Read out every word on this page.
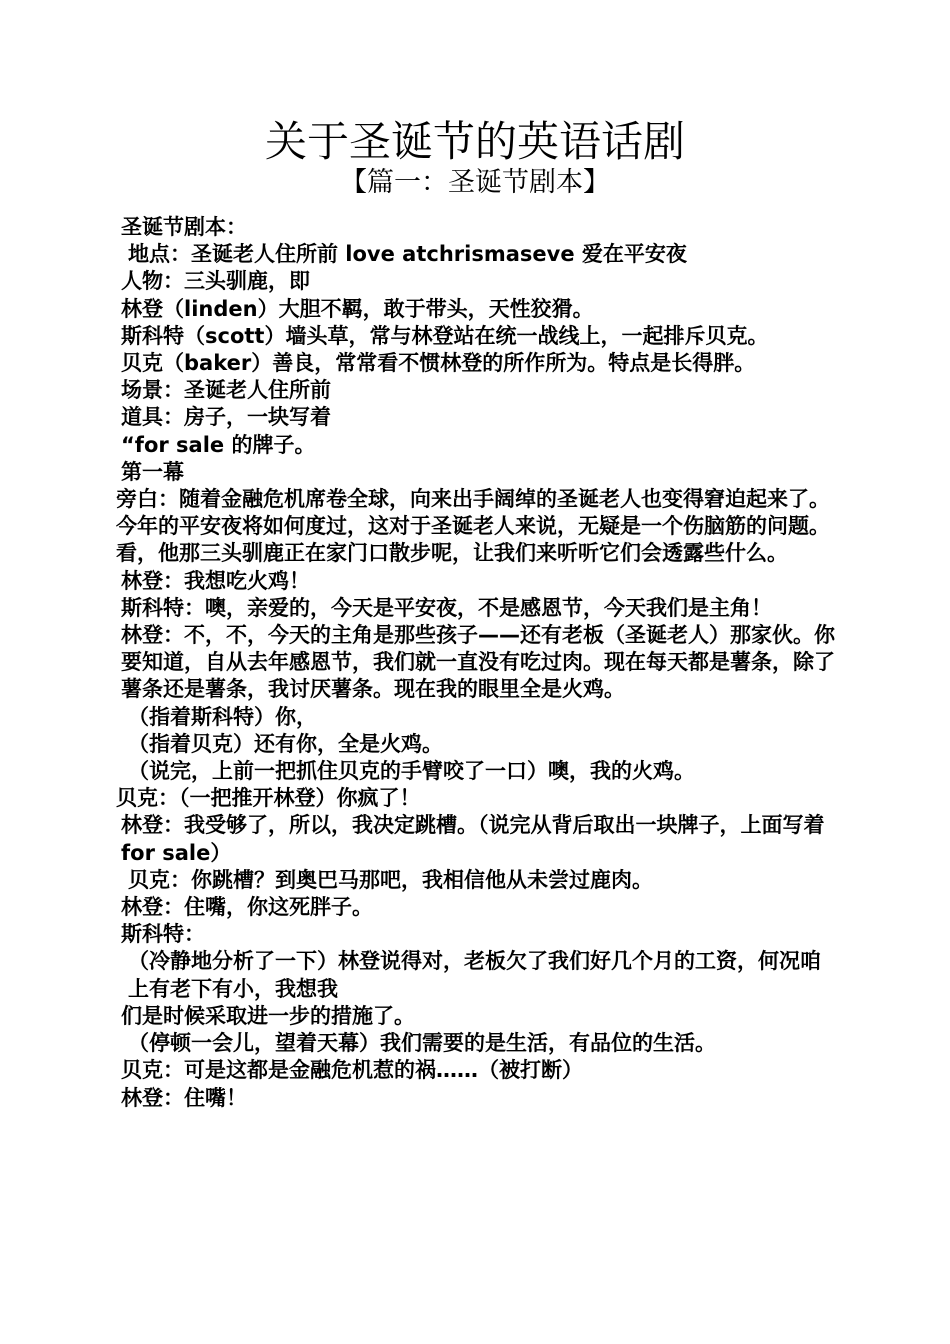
关于圣诞节的英语话剧
【篇一：圣诞节剧本】

圣诞节剧本：

地点：圣诞老人住所前 love atchrismaseve 爱在平安夜

人物：三头驯鹿，即

林登（linden）大胆不羁，敢于带头，天性狡猾。

斯科特（scott）墙头草，常与林登站在统一战线上，一起排斥贝克。

贝克（baker）善良，常常看不惯林登的所作所为。特点是长得胖。

场景：圣诞老人住所前

道具：房子，一块写着

“for sale 的牌子。

第一幕

旁白：随着金融危机席卷全球，向来出手阔绰的圣诞老人也变得窘迫起来了。今年的平安夜将如何度过，这对于圣诞老人来说，无疑是一个伤脑筋的问题。看，他那三头驯鹿正在家门口散步呢，让我们来听听它们会透露些什么。

林登：我想吃火鸡！

斯科特：噢，亲爱的，今天是平安夜，不是感恩节，今天我们是主角！

林登：不，不，今天的主角是那些孩子——还有老板（圣诞老人）那家伙。你要知道，自从去年感恩节，我们就一直没有吃过肉。现在每天都是薯条，除了薯条还是薯条，我讨厌薯条。现在我的眼里全是火鸡。

（指着斯科特）你，

（指着贝克）还有你，全是火鸡。

（说完，上前一把抓住贝克的手臂咬了一口）噢，我的火鸡。

贝克：（一把推开林登）你疯了！

林登：我受够了，所以，我决定跳槽。（说完从背后取出一块牌子，上面写着 for sale）

贝克：你跳槽？到奥巴马那吧，我相信他从未尝过鹿肉。

林登：住嘴，你这死胖子。

斯科特：

（冷静地分析了一下）林登说得对，老板欠了我们好几个月的工资，何况咱上有老下有小，我想我

们是时候采取进一步的措施了。

（停顿一会儿，望着天幕）我们需要的是生活，有品位的生活。

贝克：可是这都是金融危机惹的祸……（被打断）

林登：住嘴！
